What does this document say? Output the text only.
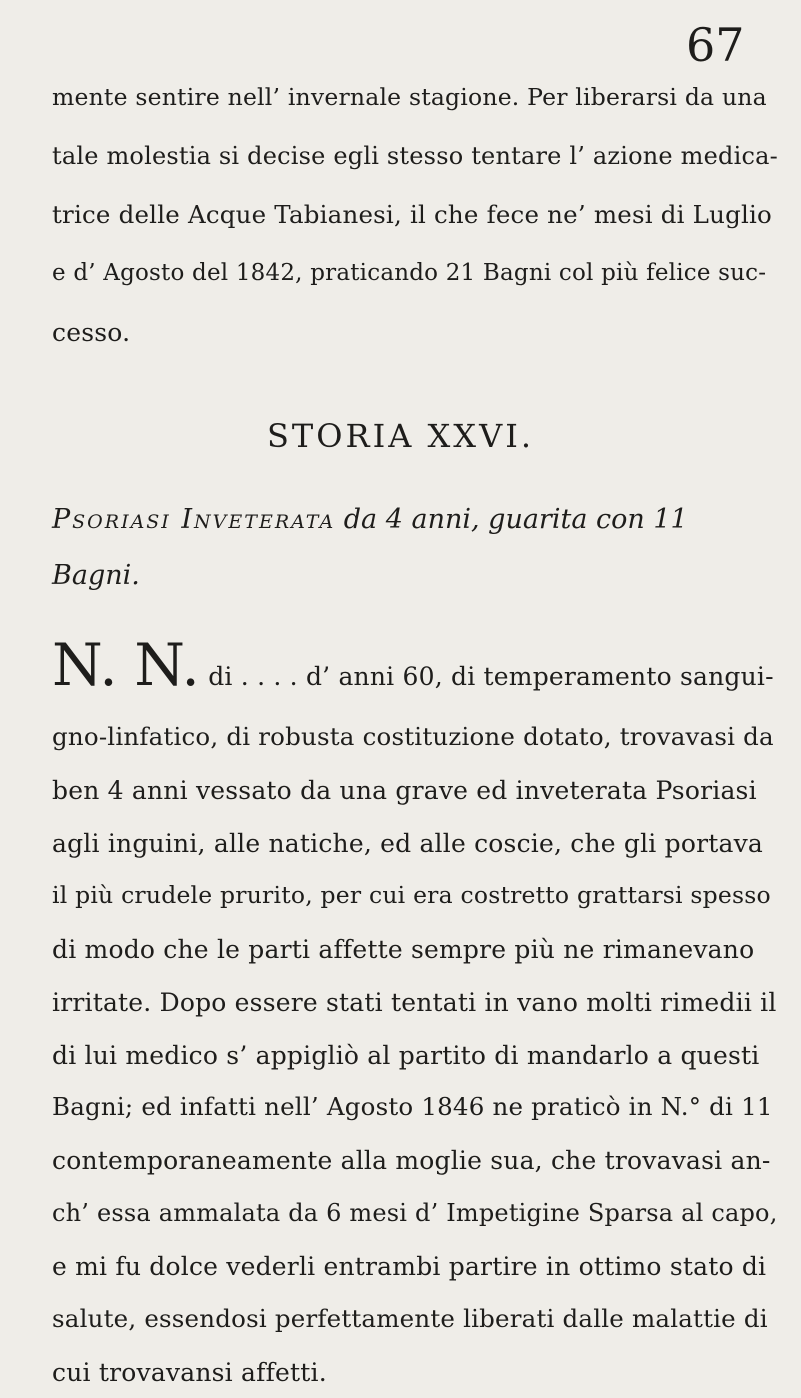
67
mente sentire nell’ invernale stagione. Per liberarsi da una
tale molestia si decise egli stesso tentare l’ azione medica-
trice delle Acque Tabianesi, il che fece ne’ mesi di Luglio
e d’ Agosto del 1842, praticando 21 Bagni col più felice suc-
cesso.
STORIA XXVI.
Psoriasi Inveterata da 4 anni, guarita con 11
Bagni.
N. N. di . . . . d’ anni 60, di temperamento sangui-
gno-linfatico, di robusta costituzione dotato, trovavasi da
ben 4 anni vessato da una grave ed inveterata Psoriasi
agli inguini, alle natiche, ed alle coscie, che gli portava
il più crudele prurito, per cui era costretto grattarsi spesso
di modo che le parti affette sempre più ne rimanevano
irritate. Dopo essere stati tentati in vano molti rimedii il
di lui medico s’ appigliò al partito di mandarlo a questi
Bagni; ed infatti nell’ Agosto 1846 ne praticò in N.° di 11
contemporaneamente alla moglie sua, che trovavasi an-
ch’ essa ammalata da 6 mesi d’ Impetigine Sparsa al capo,
e mi fu dolce vederli entrambi partire in ottimo stato di
salute, essendosi perfettamente liberati dalle malattie di
cui trovavansi affetti.
